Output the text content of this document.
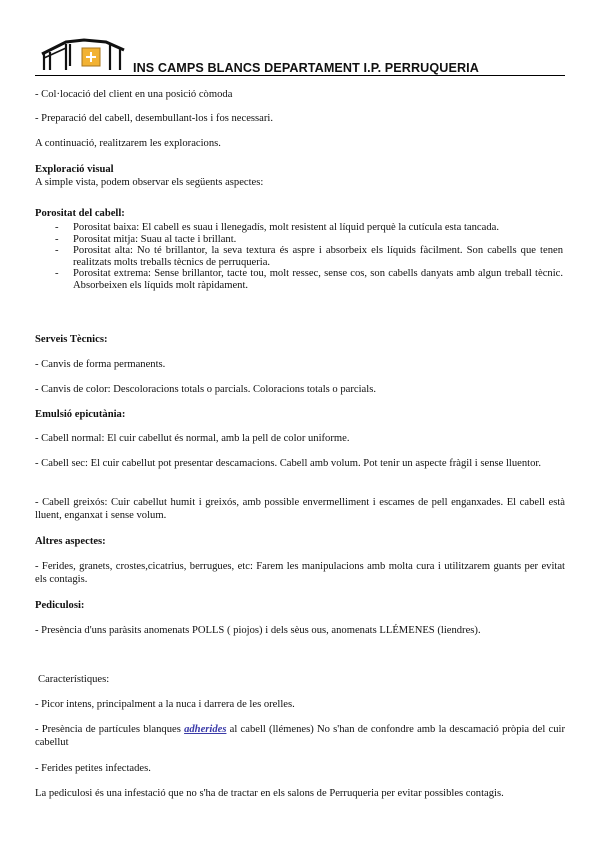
INS CAMPS BLANCS DEPARTAMENT I.P. PERRUQUERIA

- Col·locació del client en una posició còmoda

- Preparació del cabell, desembullant-los i fos necessari.

A continuació, realitzarem les exploracions.

Exploració visual

A simple vista, podem observar els següents aspectes:

Porositat del cabell:

- Porositat baixa: El cabell es suau i llenegadís, molt resistent al líquid perquè la cutícula esta tancada.
- Porositat mitja: Suau al tacte i brillant.
- Porositat alta: No té brillantor, la seva textura és aspre i absorbeix els líquids fàcilment. Son cabells que tenen realitzats molts treballs tècnics de perruqueria.
- Porositat extrema: Sense brillantor, tacte tou, molt ressec, sense cos, son cabells danyats amb algun treball tècnic. Absorbeixen els líquids molt ràpidament.

Serveis Tècnics:

- Canvis de forma permanents.

- Canvis de color: Descoloracions totals o parcials. Coloracions totals o parcials.

Emulsió epicutània:

- Cabell normal: El cuir cabellut és normal, amb la pell de color uniforme.

- Cabell sec: El cuir cabellut pot presentar descamacions. Cabell amb volum. Pot tenir un aspecte fràgil i sense lluentor.

- Cabell greixós: Cuir cabellut humit i greixós, amb possible envermelliment i escames de pell enganxades. El cabell està lluent, enganxat i sense volum.

Altres aspectes:

- Ferides, granets, crostes,cicatrius, berrugues, etc: Farem les manipulacions amb molta cura i utilitzarem guants per evitat els contagis.

Pediculosi:

- Presència d'uns paràsits anomenats POLLS ( piojos) i dels sèus ous, anomenats LLÉMENES (liendres).

Característiques:

- Picor intens, principalment a la nuca i darrera de les orelles.

- Presència de partícules blanques adherides al cabell (llémenes) No s'han de confondre amb la descamació pròpia del cuir cabellut

- Ferides petites infectades.

La pediculosi és una infestació que no s'ha de tractar en els salons de Perruqueria per evitar possibles contagis.
